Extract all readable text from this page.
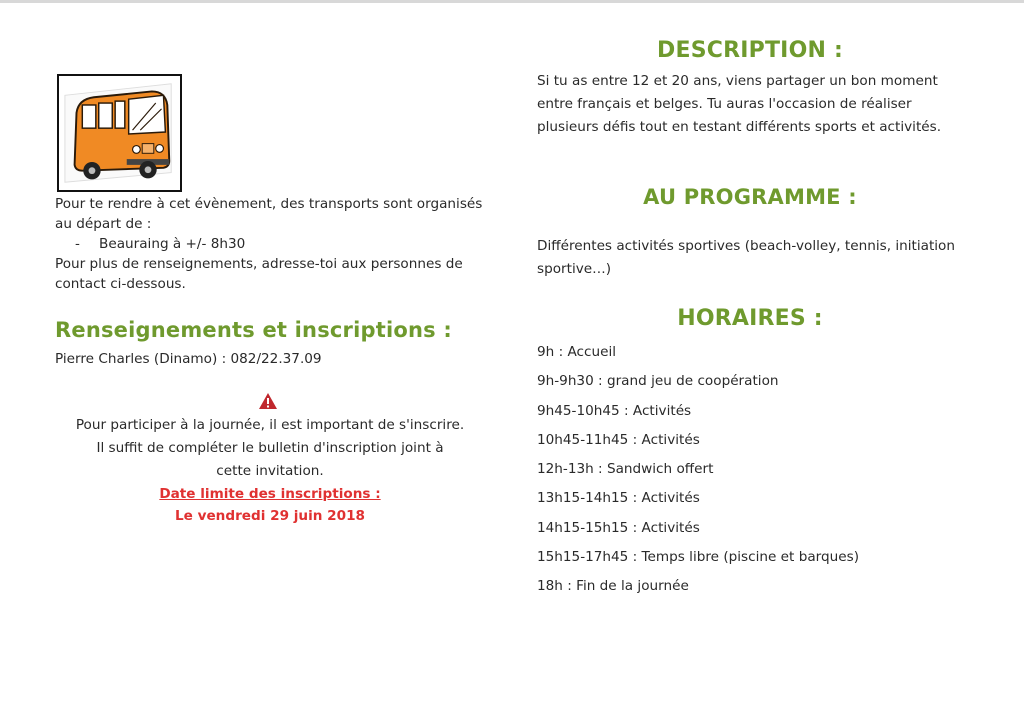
Pour te rendre à cet évènement, des transports sont organisés au départ de :

- Beauraing à +/- 8h30

Pour plus de renseignements, adresse-toi aux personnes de contact ci-dessous.

Renseignements et inscriptions :
Pierre Charles (Dinamo) : 082/22.37.09

Pour participer à la journée, il est important de s'inscrire.

Il suffit de compléter le bulletin d'inscription joint à

cette invitation.

Date limite des inscriptions :

Le vendredi 29 juin 2018

DESCRIPTION :
Si tu as entre 12 et 20 ans, viens partager un bon moment entre français et belges. Tu auras l'occasion de réaliser plusieurs défis tout en testant différents sports et activités.
AU PROGRAMME :
Différentes activités sportives (beach-volley, tennis, initiation sportive…)
HORAIRES :
9h : Accueil
9h-9h30 : grand jeu de coopération
9h45-10h45 : Activités
10h45-11h45 : Activités
12h-13h : Sandwich offert
13h15-14h15 : Activités
14h15-15h15 : Activités
15h15-17h45 : Temps libre (piscine et barques)
18h : Fin de la journée
